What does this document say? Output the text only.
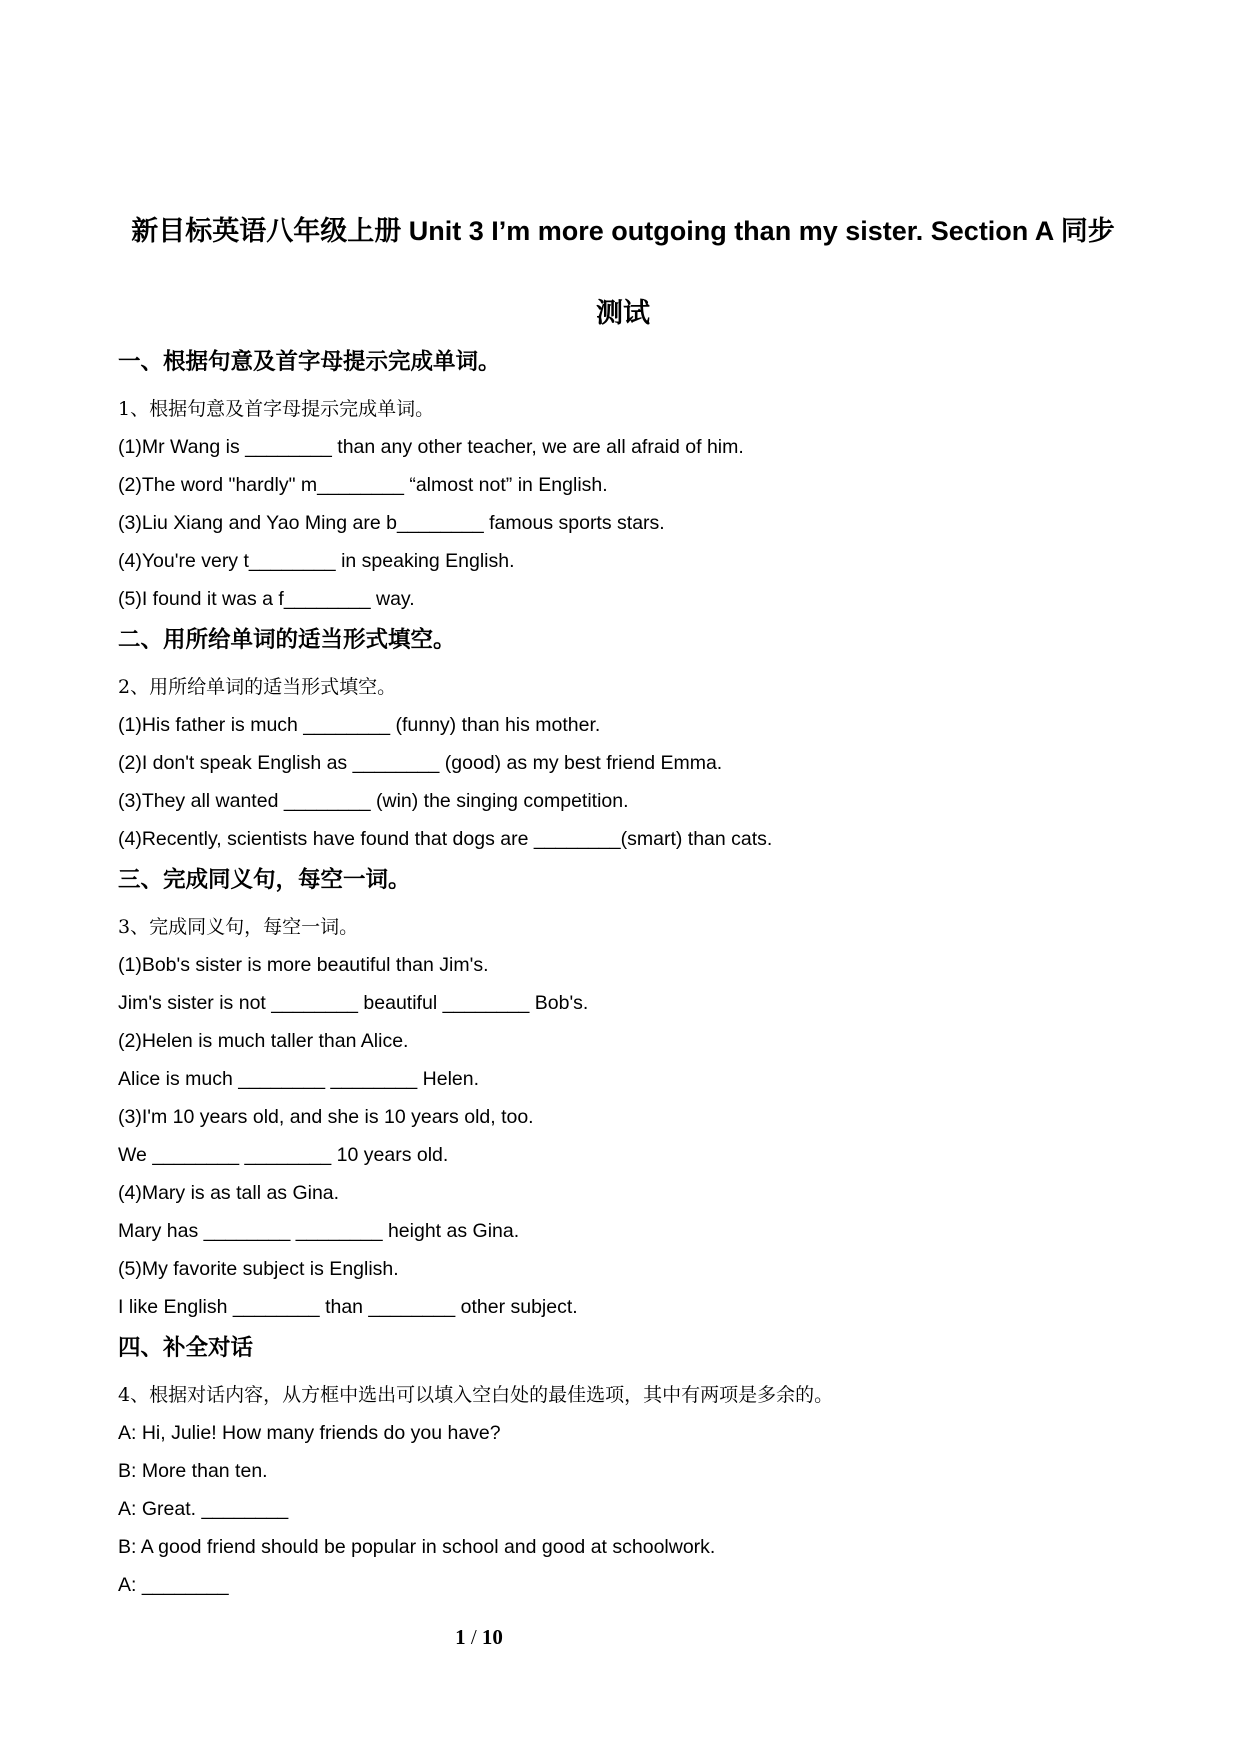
新目标英语八年级上册 Unit 3 I’m more outgoing than my sister. Section A 同步测试
一、根据句意及首字母提示完成单词。
1、根据句意及首字母提示完成单词。
(1)Mr Wang is ________ than any other teacher, we are all afraid of him.
(2)The word "hardly" m________ “almost not” in English.
(3)Liu Xiang and Yao Ming are b________ famous sports stars.
(4)You're very t________ in speaking English.
(5)I found it was a f________ way.
二、用所给单词的适当形式填空。
2、用所给单词的适当形式填空。
(1)His father is much ________ (funny) than his mother.
(2)I don't speak English as ________ (good) as my best friend Emma.
(3)They all wanted ________ (win) the singing competition.
(4)Recently, scientists have found that dogs are ________(smart) than cats.
三、完成同义句，每空一词。
3、完成同义句，每空一词。
(1)Bob's sister is more beautiful than Jim's.
Jim's sister is not ________ beautiful ________ Bob's.
(2)Helen is much taller than Alice.
Alice is much ________ ________ Helen.
(3)I'm 10 years old, and she is 10 years old, too.
We ________ ________ 10 years old.
(4)Mary is as tall as Gina.
Mary has ________ ________ height as Gina.
(5)My favorite subject is English.
I like English ________ than ________ other subject.
四、补全对话
4、根据对话内容，从方框中选出可以填入空白处的最佳选项，其中有两项是多余的。
A: Hi, Julie! How many friends do you have?
B: More than ten.
A: Great. ________
B: A good friend should be popular in school and good at schoolwork.
A: ________
1 / 10
